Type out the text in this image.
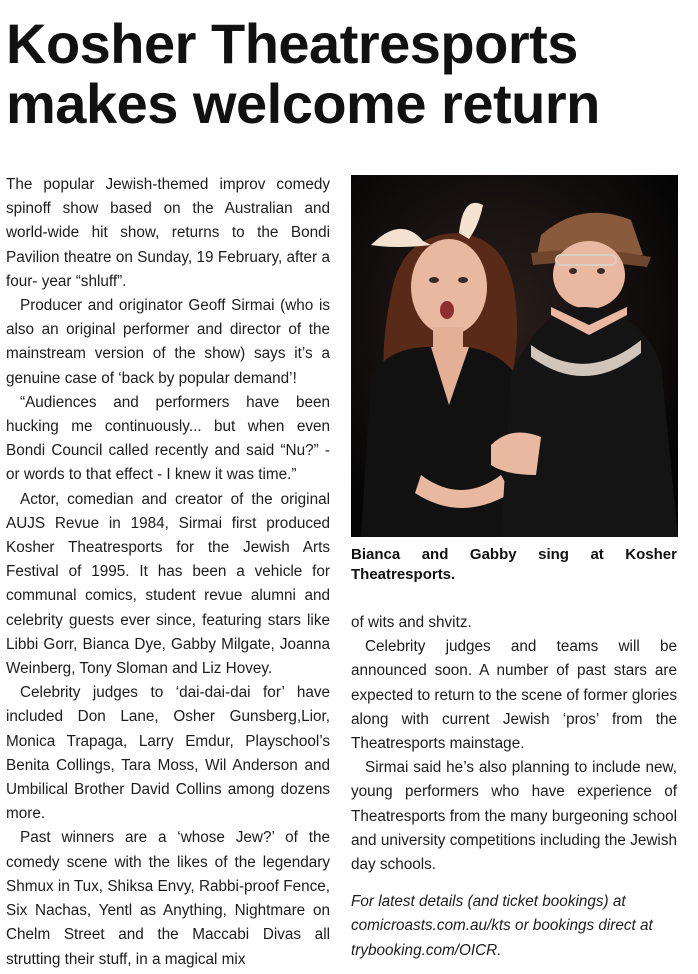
Kosher Theatresports
makes welcome return

The popular Jewish-themed improv comedy spinoff show based on the Australian and world-wide hit show, returns to the Bondi Pavilion theatre on Sunday, 19 February, after a four- year “shluff”.

Producer and originator Geoff Sirmai (who is also an original performer and director of the mainstream version of the show) says it’s a genuine case of ‘back by popular demand’!

“Audiences and performers have been hucking me continuously... but when even Bondi Council called recently and said “Nu?” - or words to that effect - I knew it was time.”

Actor, comedian and creator of the original AUJS Revue in 1984, Sirmai first produced Kosher Theatresports for the Jewish Arts Festival of 1995. It has been a vehicle for communal comics, student revue alumni and celebrity guests ever since, featuring stars like Libbi Gorr, Bianca Dye, Gabby Milgate, Joanna Weinberg, Tony Sloman and Liz Hovey.

Celebrity judges to ‘dai-dai-dai for’ have included Don Lane, Osher Gunsberg,Lior, Monica Trapaga, Larry Emdur, Playschool’s Benita Collings, Tara Moss, Wil Anderson and Umbilical Brother David Collins among dozens more.

Past winners are a ‘whose Jew?’ of the comedy scene with the likes of the legendary Shmux in Tux, Shiksa Envy, Rabbi-proof Fence, Six Nachas, Yentl as Anything, Nightmare on Chelm Street and the Maccabi Divas all strutting their stuff, in a magical mix

Bianca and Gabby sing at Kosher Theatresports.

of wits and shvitz.

Celebrity judges and teams will be announced soon. A number of past stars are expected to return to the scene of former glories along with current Jewish ‘pros’ from the Theatresports mainstage.

Sirmai said he’s also planning to include new, young performers who have experience of Theatresports from the many burgeoning school and university competitions including the Jewish day schools.

For latest details (and ticket bookings) at comicroasts.com.au/kts or bookings direct at trybooking.com/OICR.
